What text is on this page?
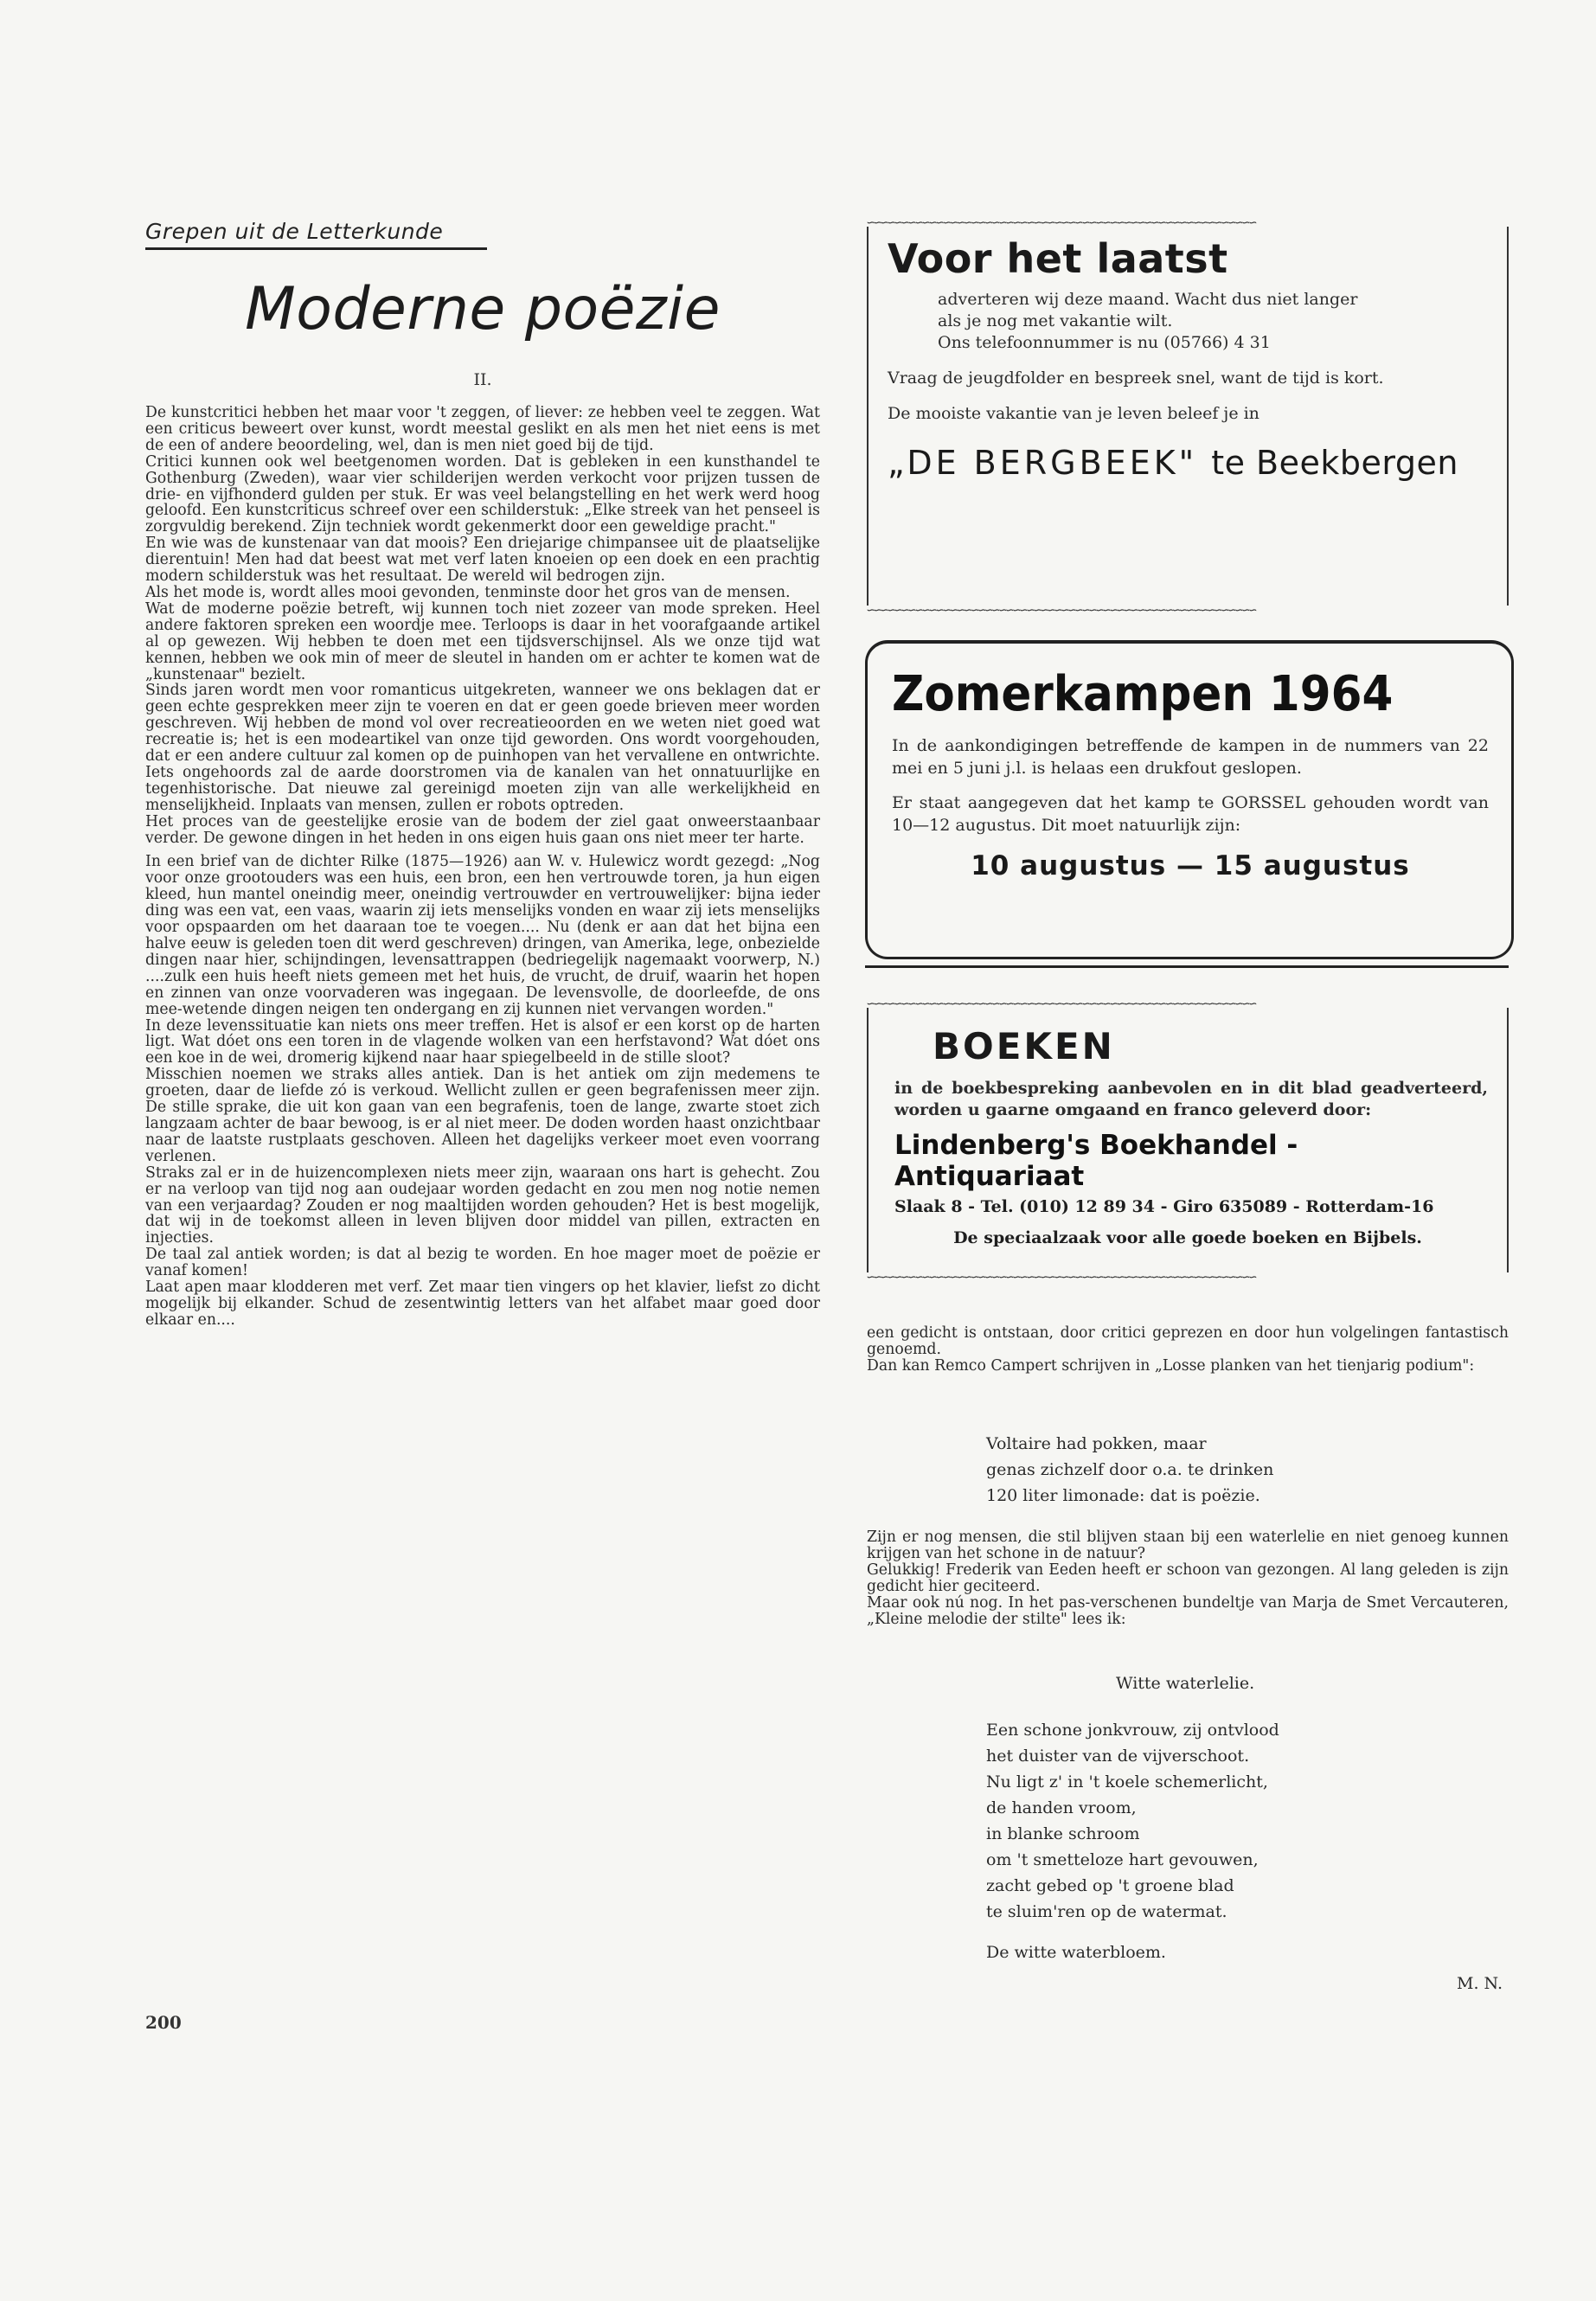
Grepen uit de Letterkunde
Moderne poëzie
II.

De kunstcritici hebben het maar voor 't zeggen, of liever: ze hebben veel te zeggen. Wat een criticus beweert over kunst, wordt meestal geslikt en als men het niet eens is met de een of andere beoordeling, wel, dan is men niet goed bij de tijd.

Critici kunnen ook wel beetgenomen worden. Dat is gebleken in een kunsthandel te Gothenburg (Zweden), waar vier schilderijen werden verkocht voor prijzen tussen de drie- en vijfhonderd gulden per stuk. Er was veel belangstelling en het werk werd hoog geloofd. Een kunstcriticus schreef over een schilderstuk: „Elke streek van het penseel is zorgvuldig berekend. Zijn techniek wordt gekenmerkt door een geweldige pracht."

En wie was de kunstenaar van dat moois? Een driejarige chimpansee uit de plaatselijke dierentuin! Men had dat beest wat met verf laten knoeien op een doek en een prachtig modern schilderstuk was het resultaat. De wereld wil bedrogen zijn.

Als het mode is, wordt alles mooi gevonden, tenminste door het gros van de mensen.

Wat de moderne poëzie betreft, wij kunnen toch niet zozeer van mode spreken. Heel andere faktoren spreken een woordje mee. Terloops is daar in het voorafgaande artikel al op gewezen. Wij hebben te doen met een tijdsverschijnsel. Als we onze tijd wat kennen, hebben we ook min of meer de sleutel in handen om er achter te komen wat de „kunstenaar" bezielt.

Sinds jaren wordt men voor romanticus uitgekreten, wanneer we ons beklagen dat er geen echte gesprekken meer zijn te voeren en dat er geen goede brieven meer worden geschreven. Wij hebben de mond vol over recreatieoorden en we weten niet goed wat recreatie is; het is een modeartikel van onze tijd geworden. Ons wordt voorgehouden, dat er een andere cultuur zal komen op de puinhopen van het vervallene en ontwrichte. Iets ongehoords zal de aarde doorstromen via de kanalen van het onnatuurlijke en tegenhistorische. Dat nieuwe zal gereinigd moeten zijn van alle werkelijkheid en menselijkheid. Inplaats van mensen, zullen er robots optreden.

Het proces van de geestelijke erosie van de bodem der ziel gaat onweerstaanbaar verder. De gewone dingen in het heden in ons eigen huis gaan ons niet meer ter harte.

In een brief van de dichter Rilke (1875—1926) aan W. v. Hulewicz wordt gezegd: „Nog voor onze grootouders was een huis, een bron, een hen vertrouwde toren, ja hun eigen kleed, hun mantel oneindig meer, oneindig vertrouwder en vertrouwelijker: bijna ieder ding was een vat, een vaas, waarin zij iets menselijks vonden en waar zij iets menselijks voor opspaarden om het daaraan toe te voegen.... Nu (denk er aan dat het bijna een halve eeuw is geleden toen dit werd geschreven) dringen, van Amerika, lege, onbezielde dingen naar hier, schijndingen, levensattrappen (bedriegelijk nagemaakt voorwerp, N.) ....zulk een huis heeft niets gemeen met het huis, de vrucht, de druif, waarin het hopen en zinnen van onze voorvaderen was ingegaan. De levensvolle, de doorleefde, de ons mee-wetende dingen neigen ten ondergang en zij kunnen niet vervangen worden."

In deze levenssituatie kan niets ons meer treffen. Het is alsof er een korst op de harten ligt. Wat dóet ons een toren in de vlagende wolken van een herfstavond? Wat dóet ons een koe in de wei, dromerig kijkend naar haar spiegelbeeld in de stille sloot?

Misschien noemen we straks alles antiek. Dan is het antiek om zijn medemens te groeten, daar de liefde zó is verkoud. Wellicht zullen er geen begrafenissen meer zijn. De stille sprake, die uit kon gaan van een begrafenis, toen de lange, zwarte stoet zich langzaam achter de baar bewoog, is er al niet meer. De doden worden haast onzichtbaar naar de laatste rustplaats geschoven. Alleen het dagelijks verkeer moet even voorrang verlenen.

Straks zal er in de huizencomplexen niets meer zijn, waaraan ons hart is gehecht. Zou er na verloop van tijd nog aan oudejaar worden gedacht en zou men nog notie nemen van een verjaardag? Zouden er nog maaltijden worden gehouden? Het is best mogelijk, dat wij in de toekomst alleen in leven blijven door middel van pillen, extracten en injecties.

De taal zal antiek worden; is dat al bezig te worden. En hoe mager moet de poëzie er vanaf komen!

Laat apen maar klodderen met verf. Zet maar tien vingers op het klavier, liefst zo dicht mogelijk bij elkander. Schud de zesentwintig letters van het alfabet maar goed door elkaar en....

200
∽∽∽∽∽∽∽∽∽∽∽∽∽∽∽∽∽∽∽∽∽∽∽∽∽∽∽∽∽∽∽∽∽∽∽∽∽∽∽∽∽∽∽∽∽∽∽∽∽∽∽∽∽∽∽∽
Voor het laatst
adverteren wij deze maand. Wacht dus niet langer
als je nog met vakantie wilt.
Ons telefoonnummer is nu (05766) 4 31
Vraag de jeugdfolder en bespreek snel, want de tijd is kort.
De mooiste vakantie van je leven beleef je in
„DE BERGBEEK" te Beekbergen
∽∽∽∽∽∽∽∽∽∽∽∽∽∽∽∽∽∽∽∽∽∽∽∽∽∽∽∽∽∽∽∽∽∽∽∽∽∽∽∽∽∽∽∽∽∽∽∽∽∽∽∽∽∽∽∽
Zomerkampen 1964
In de aankondigingen betreffende de kampen in de nummers van 22 mei en 5 juni j.l. is helaas een drukfout geslopen.
Er staat aangegeven dat het kamp te GORSSEL gehouden wordt van 10—12 augustus. Dit moet natuurlijk zijn:
10 augustus — 15 augustus
∽∽∽∽∽∽∽∽∽∽∽∽∽∽∽∽∽∽∽∽∽∽∽∽∽∽∽∽∽∽∽∽∽∽∽∽∽∽∽∽∽∽∽∽∽∽∽∽∽∽∽∽∽∽∽∽
BOEKEN
in de boekbespreking aanbevolen en in dit blad geadverteerd, worden u gaarne omgaand en franco geleverd door:
Lindenberg's Boekhandel - Antiquariaat
Slaak 8 - Tel. (010) 12 89 34 - Giro 635089 - Rotterdam-16
De speciaalzaak voor alle goede boeken en Bijbels.
∽∽∽∽∽∽∽∽∽∽∽∽∽∽∽∽∽∽∽∽∽∽∽∽∽∽∽∽∽∽∽∽∽∽∽∽∽∽∽∽∽∽∽∽∽∽∽∽∽∽∽∽∽∽∽∽

een gedicht is ontstaan, door critici geprezen en door hun volgelingen fantastisch genoemd.

Dan kan Remco Campert schrijven in „Losse planken van het tienjarig podium":

Voltaire had pokken, maar
genas zichzelf door o.a. te drinken
120 liter limonade: dat is poëzie.

Zijn er nog mensen, die stil blijven staan bij een waterlelie en niet genoeg kunnen krijgen van het schone in de natuur?

Gelukkig! Frederik van Eeden heeft er schoon van gezongen. Al lang geleden is zijn gedicht hier geciteerd.

Maar ook nú nog. In het pas-verschenen bundeltje van Marja de Smet Vercauteren, „Kleine melodie der stilte" lees ik:

Witte waterlelie.
Een schone jonkvrouw, zij ontvlood
het duister van de vijverschoot.
Nu ligt z' in 't koele schemerlicht,
de handen vroom,
in blanke schroom
om 't smetteloze hart gevouwen,
zacht gebed op 't groene blad
te sluim'ren op de watermat.
De witte waterbloem.
M. N.
